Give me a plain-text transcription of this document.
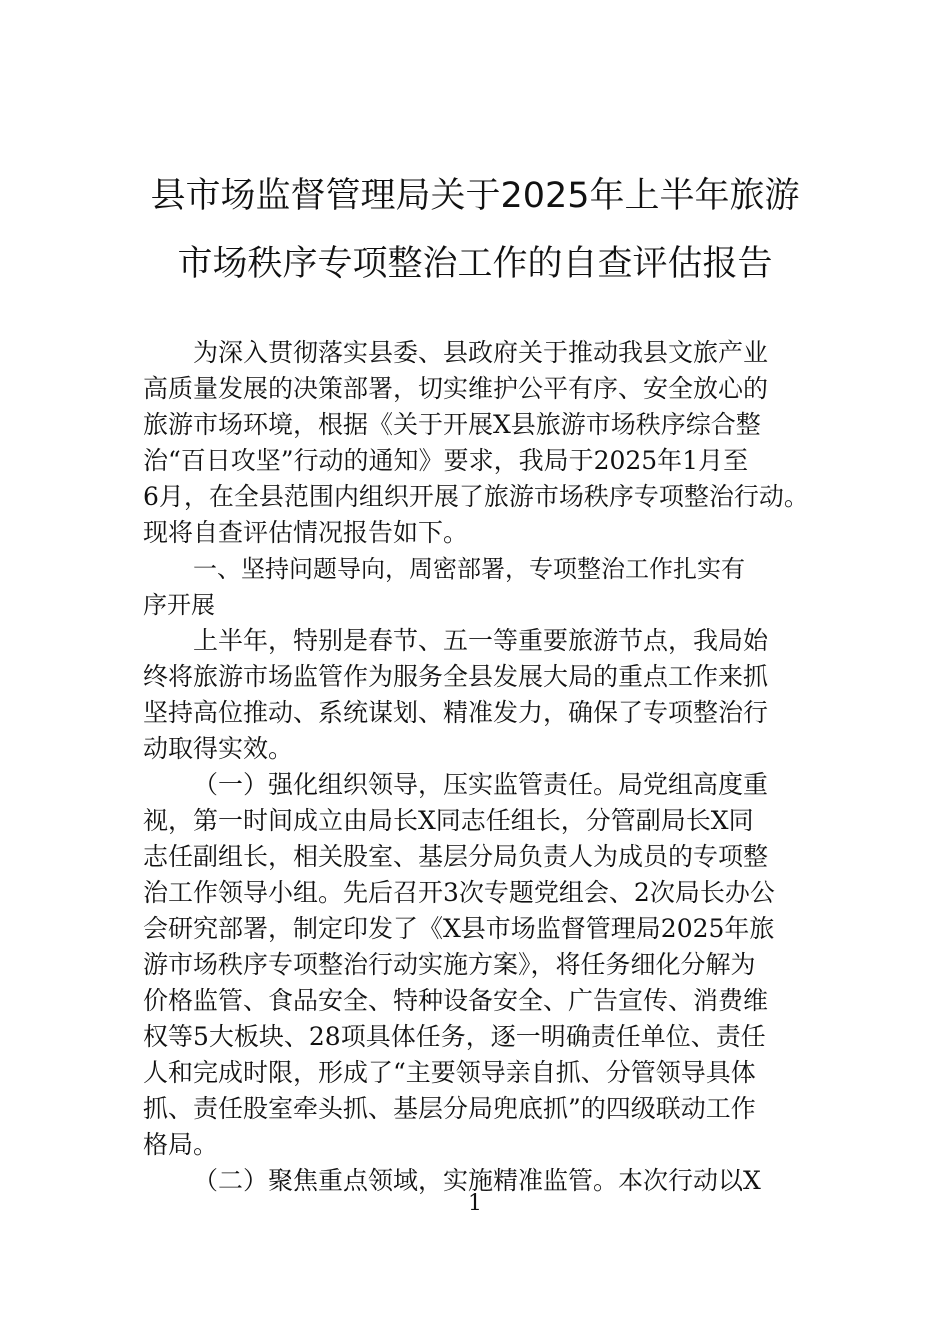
县市场监督管理局关于2025年上半年旅游
市场秩序专项整治工作的自查评估报告
为深入贯彻落实县委、县政府关于推动我县文旅产业
高质量发展的决策部署，切实维护公平有序、安全放心的
旅游市场环境，根据《关于开展X县旅游市场秩序综合整
治“百日攻坚”行动的通知》要求，我局于2025年1月至
6月，在全县范围内组织开展了旅游市场秩序专项整治行动。
现将自查评估情况报告如下。
一、坚持问题导向，周密部署，专项整治工作扎实有
序开展
上半年，特别是春节、五一等重要旅游节点，我局始
终将旅游市场监管作为服务全县发展大局的重点工作来抓
坚持高位推动、系统谋划、精准发力，确保了专项整治行
动取得实效。
（一）强化组织领导，压实监管责任。局党组高度重
视，第一时间成立由局长X同志任组长，分管副局长X同
志任副组长，相关股室、基层分局负责人为成员的专项整
治工作领导小组。先后召开3次专题党组会、2次局长办公
会研究部署，制定印发了《X县市场监督管理局2025年旅
游市场秩序专项整治行动实施方案》，将任务细化分解为
价格监管、食品安全、特种设备安全、广告宣传、消费维
权等5大板块、28项具体任务，逐一明确责任单位、责任
人和完成时限，形成了“主要领导亲自抓、分管领导具体
抓、责任股室牵头抓、基层分局兜底抓”的四级联动工作
格局。
（二）聚焦重点领域，实施精准监管。本次行动以X
1
